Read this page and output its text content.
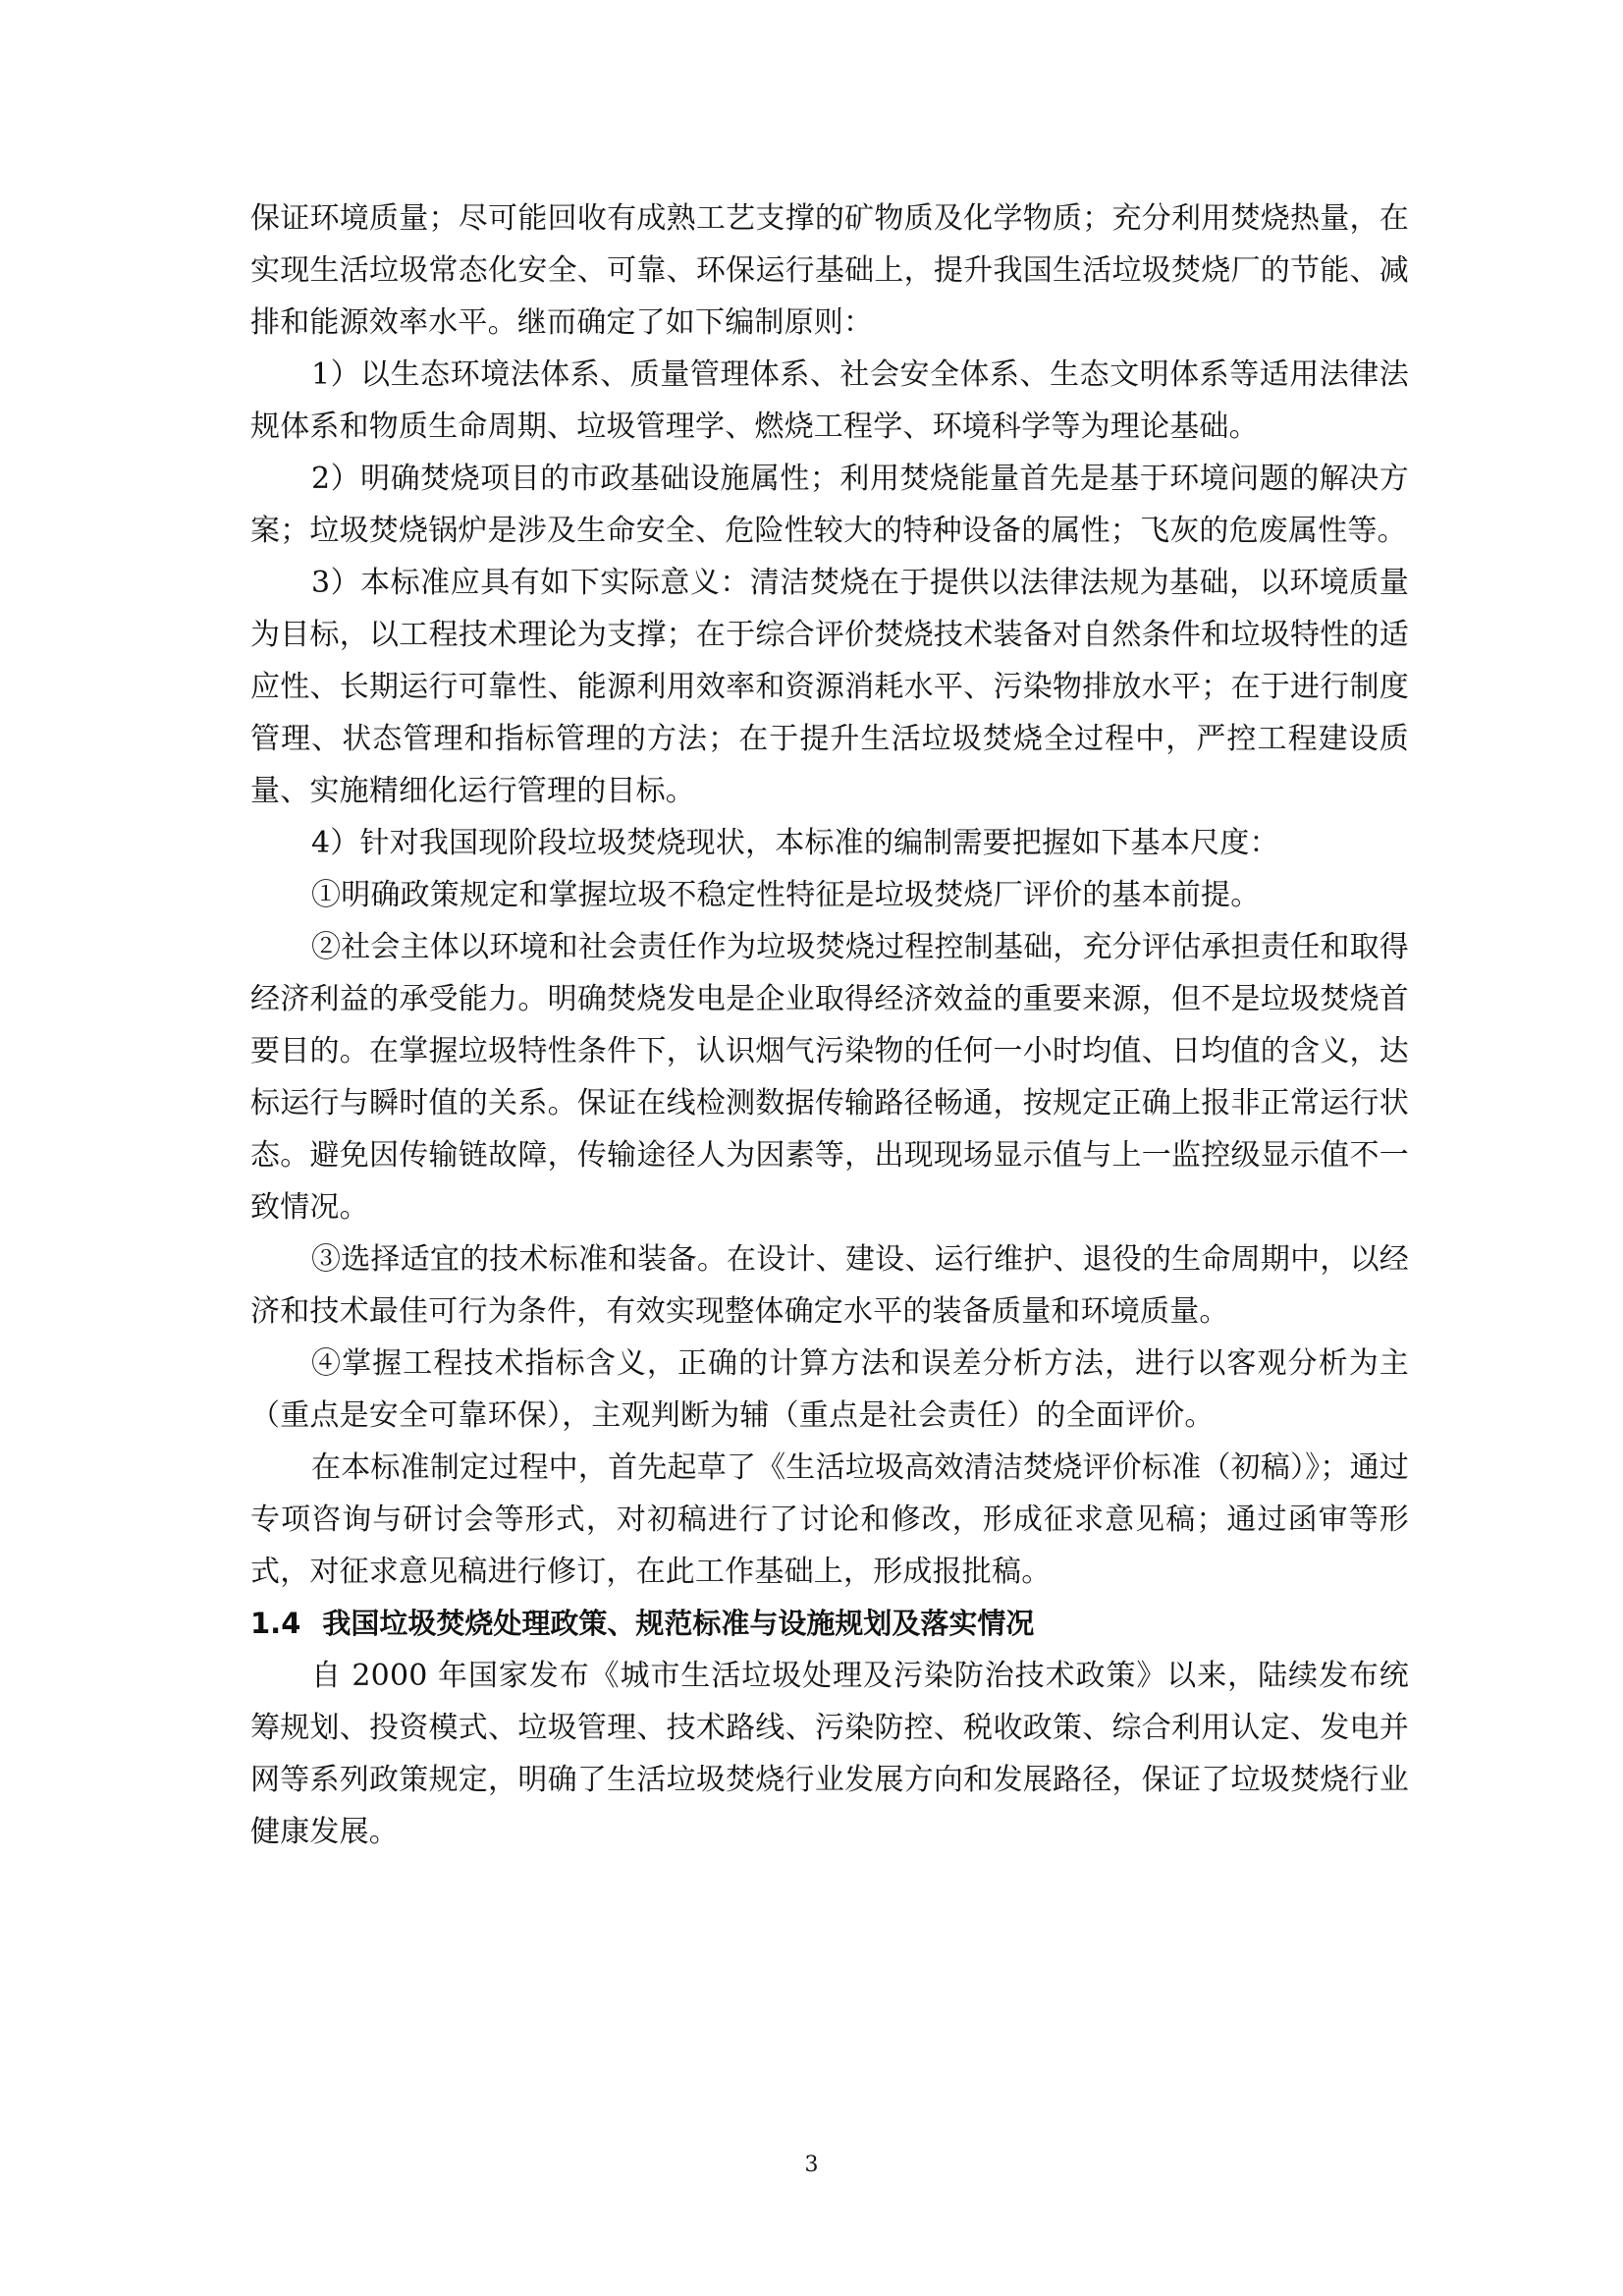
保证环境质量；尽可能回收有成熟工艺支撑的矿物质及化学物质；充分利用焚烧热量，在实现生活垃圾常态化安全、可靠、环保运行基础上，提升我国生活垃圾焚烧厂的节能、减排和能源效率水平。继而确定了如下编制原则：

1）以生态环境法体系、质量管理体系、社会安全体系、生态文明体系等适用法律法规体系和物质生命周期、垃圾管理学、燃烧工程学、环境科学等为理论基础。

2）明确焚烧项目的市政基础设施属性；利用焚烧能量首先是基于环境问题的解决方案；垃圾焚烧锅炉是涉及生命安全、危险性较大的特种设备的属性；飞灰的危废属性等。

3）本标准应具有如下实际意义：清洁焚烧在于提供以法律法规为基础，以环境质量为目标，以工程技术理论为支撑；在于综合评价焚烧技术装备对自然条件和垃圾特性的适应性、长期运行可靠性、能源利用效率和资源消耗水平、污染物排放水平；在于进行制度管理、状态管理和指标管理的方法；在于提升生活垃圾焚烧全过程中，严控工程建设质量、实施精细化运行管理的目标。

4）针对我国现阶段垃圾焚烧现状，本标准的编制需要把握如下基本尺度：

①明确政策规定和掌握垃圾不稳定性特征是垃圾焚烧厂评价的基本前提。

②社会主体以环境和社会责任作为垃圾焚烧过程控制基础，充分评估承担责任和取得经济利益的承受能力。明确焚烧发电是企业取得经济效益的重要来源，但不是垃圾焚烧首要目的。在掌握垃圾特性条件下，认识烟气污染物的任何一小时均值、日均值的含义，达标运行与瞬时值的关系。保证在线检测数据传输路径畅通，按规定正确上报非正常运行状态。避免因传输链故障，传输途径人为因素等，出现现场显示值与上一监控级显示值不一致情况。

③选择适宜的技术标准和装备。在设计、建设、运行维护、退役的生命周期中，以经济和技术最佳可行为条件，有效实现整体确定水平的装备质量和环境质量。

④掌握工程技术指标含义，正确的计算方法和误差分析方法，进行以客观分析为主（重点是安全可靠环保），主观判断为辅（重点是社会责任）的全面评价。

在本标准制定过程中，首先起草了《生活垃圾高效清洁焚烧评价标准（初稿）》；通过专项咨询与研讨会等形式，对初稿进行了讨论和修改，形成征求意见稿；通过函审等形式，对征求意见稿进行修订，在此工作基础上，形成报批稿。

1.4 我国垃圾焚烧处理政策、规范标准与设施规划及落实情况

自 2000 年国家发布《城市生活垃圾处理及污染防治技术政策》以来，陆续发布统筹规划、投资模式、垃圾管理、技术路线、污染防控、税收政策、综合利用认定、发电并网等系列政策规定，明确了生活垃圾焚烧行业发展方向和发展路径，保证了垃圾焚烧行业健康发展。

3
